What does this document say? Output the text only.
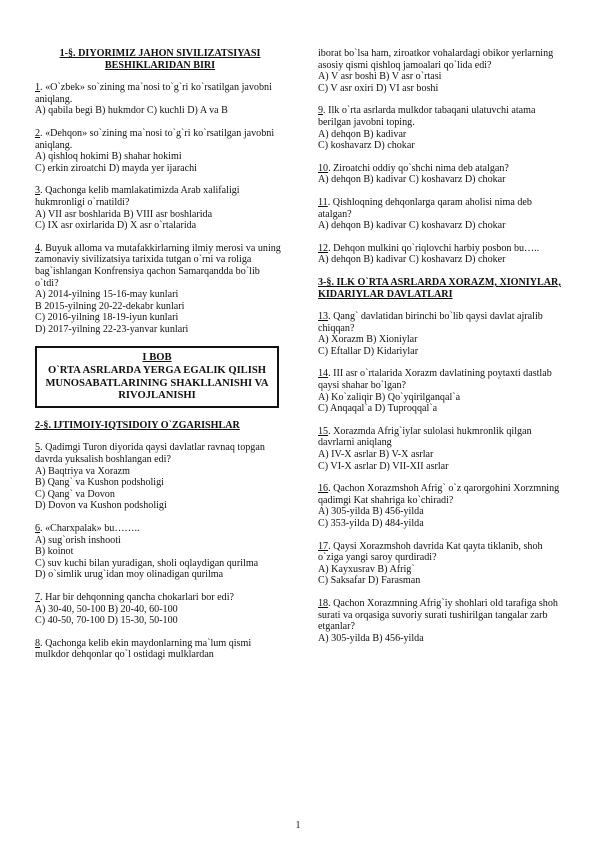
1-§. DIYORIMIZ JAHON SIVILIZATSIYASI BESHIKLARIDAN BIRI
1. «O`zbek» so`zining ma`nosi to`g`ri ko`rsatilgan javobni aniqlang.
A) qabila begi B) hukmdor C) kuchli D) A va B
2. «Dehqon» so`zining ma`nosi to`g`ri ko`rsatilgan javobni aniqlang.
A) qishloq hokimi B) shahar hokimi
C) erkin ziroatchi D) mayda yer ijarachi
3. Qachonga kelib mamlakatimizda Arab xalifaligi hukmronligi o`rnatildi?
A) VII asr boshlarida B) VIII asr boshlarida
C) IX asr oxirlarida D) X asr o`rtalarida
4. Buyuk alloma va mutafakkirlarning ilmiy merosi va uning zamonaviy sivilizatsiya tarixida tutgan o`rni va roliga bag`ishlangan Konfrensiya qachon Samarqandda bo`lib o`tdi?
A) 2014-yilning 15-16-may kunlari
B 2015-yilning 20-22-dekabr kunlari
C) 2016-yilning 18-19-iyun kunlari
D) 2017-yilning 22-23-yanvar kunlari
I BOB
O`RTA ASRLARDA YERGA EGALIK QILISH MUNOSABATLARINING SHAKLLANISHI VA RIVOJLANISHI
2-§. IJTIMOIY-IQTSIDOIY O`ZGARISHLAR
5. Qadimgi Turon diyorida qaysi davlatlar ravnaq topgan davrda yuksalish boshlangan edi?
A) Baqtriya va Xorazm
B) Qang` va Kushon podsholigi
C) Qang` va Dovon
D) Dovon va Kushon podsholigi
6. «Charxpalak» bu……..
A) sug`orish inshooti
B) koinot
C) suv kuchi bilan yuradigan, sholi oqlaydigan qurilma
D) o`simlik urug`idan moy olinadigan qurilma
7. Har bir dehqonning qancha chokarlari bor edi?
A) 30-40, 50-100 B) 20-40, 60-100
C) 40-50, 70-100 D) 15-30, 50-100
8. Qachonga kelib ekin maydonlarning ma`lum qismi mulkdor dehqonlar qo`l ostidagi mulklardan
iborat bo`lsa ham, ziroatkor vohalardagi obikor yerlarning asosiy qismi qishloq jamoalari qo`lida edi?
A) V asr boshi B) V asr o`rtasi
C) V asr oxiri D) VI asr boshi
9. Ilk o`rta asrlarda mulkdor tabaqani ulatuvchi atama berilgan javobni toping.
A) dehqon B) kadivar
C) koshavarz D) chokar
10. Ziroatchi oddiy qo`shchi nima deb atalgan?
A) dehqon B) kadivar C) koshavarz D) chokar
11. Qishloqning dehqonlarga qaram aholisi nima deb atalgan?
A) dehqon B) kadivar C) koshavarz D) chokar
12. Dehqon mulkini qo`riqlovchi harbiy posbon bu…..
A) dehqon B) kadivar C) koshavarz D) choker
3-§. ILK O`RTA ASRLARDA XORAZM, XIONIYLAR, KIDARIYLAR DAVLATLARI
13. Qang` davlatidan birinchi bo`lib qaysi davlat ajralib chiqqan?
A) Xorazm B) Xioniylar
C) Eftallar D) Kidariylar
14. III asr o`rtalarida Xorazm davlatining poytaxti dastlab qaysi shahar bo`lgan?
A) Ko`zaliqir B) Qo`yqirilganqal`a
C) Anqaqal`a D) Tuproqqal`a
15. Xorazmda Afrig`iylar sulolasi hukmronlik qilgan davrlarni aniqlang
A) IV-X asrlar B) V-X asrlar
C) VI-X asrlar D) VII-XII asrlar
16. Qachon Xorazmshoh Afrig` o`z qarorgohini Xorzmning qadimgi Kat shahriga ko`chiradi?
A) 305-yilda B) 456-yilda
C) 353-yilda D) 484-yilda
17. Qaysi Xorazmshoh davrida Kat qayta tiklanib, shoh o`ziga yangi saroy qurdiradi?
A) Kayxusrav B) Afrig`
C) Saksafar D) Farasman
18. Qachon Xorazmning Afrig`iy shohlari old tarafiga shoh surati va orqasiga suvoriy surati tushirilgan tangalar zarb etganlar?
A) 305-yilda B) 456-yilda
1
